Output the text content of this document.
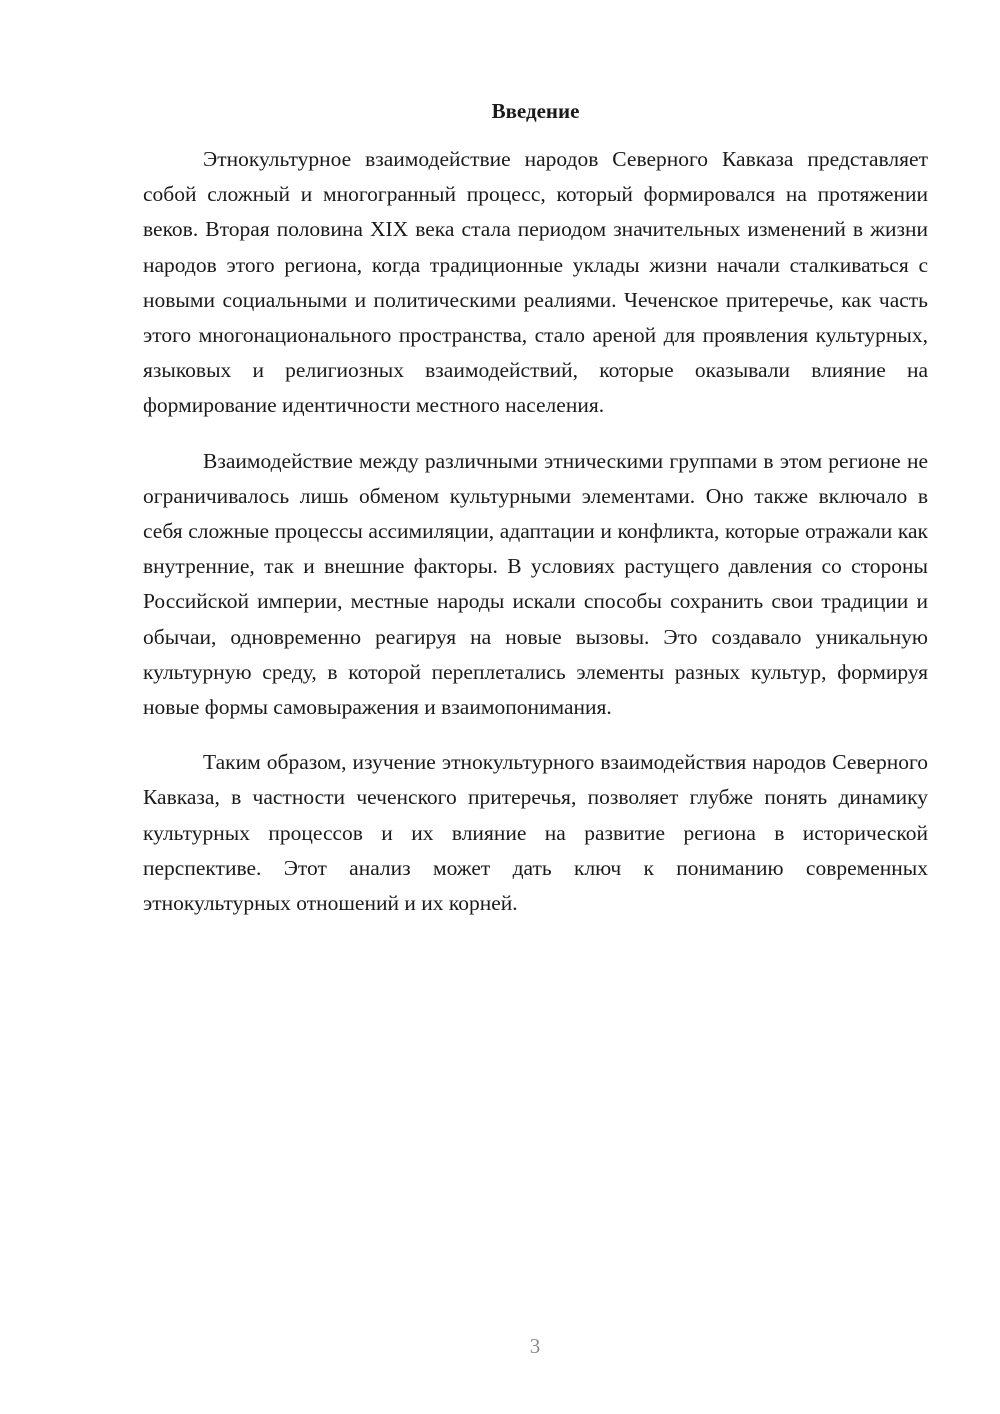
Введение

Этнокультурное взаимодействие народов Северного Кавказа представляет собой сложный и многогранный процесс, который формировался на протяжении веков. Вторая половина XIX века стала периодом значительных изменений в жизни народов этого региона, когда традиционные уклады жизни начали сталкиваться с новыми социальными и политическими реалиями. Чеченское притеречье, как часть этого многонационального пространства, стало ареной для проявления культурных, языковых и религиозных взаимодействий, которые оказывали влияние на формирование идентичности местного населения.

Взаимодействие между различными этническими группами в этом регионе не ограничивалось лишь обменом культурными элементами. Оно также включало в себя сложные процессы ассимиляции, адаптации и конфликта, которые отражали как внутренние, так и внешние факторы. В условиях растущего давления со стороны Российской империи, местные народы искали способы сохранить свои традиции и обычаи, одновременно реагируя на новые вызовы. Это создавало уникальную культурную среду, в которой переплетались элементы разных культур, формируя новые формы самовыражения и взаимопонимания.

Таким образом, изучение этнокультурного взаимодействия народов Северного Кавказа, в частности чеченского притеречья, позволяет глубже понять динамику культурных процессов и их влияние на развитие региона в исторической перспективе. Этот анализ может дать ключ к пониманию современных этнокультурных отношений и их корней.

3
